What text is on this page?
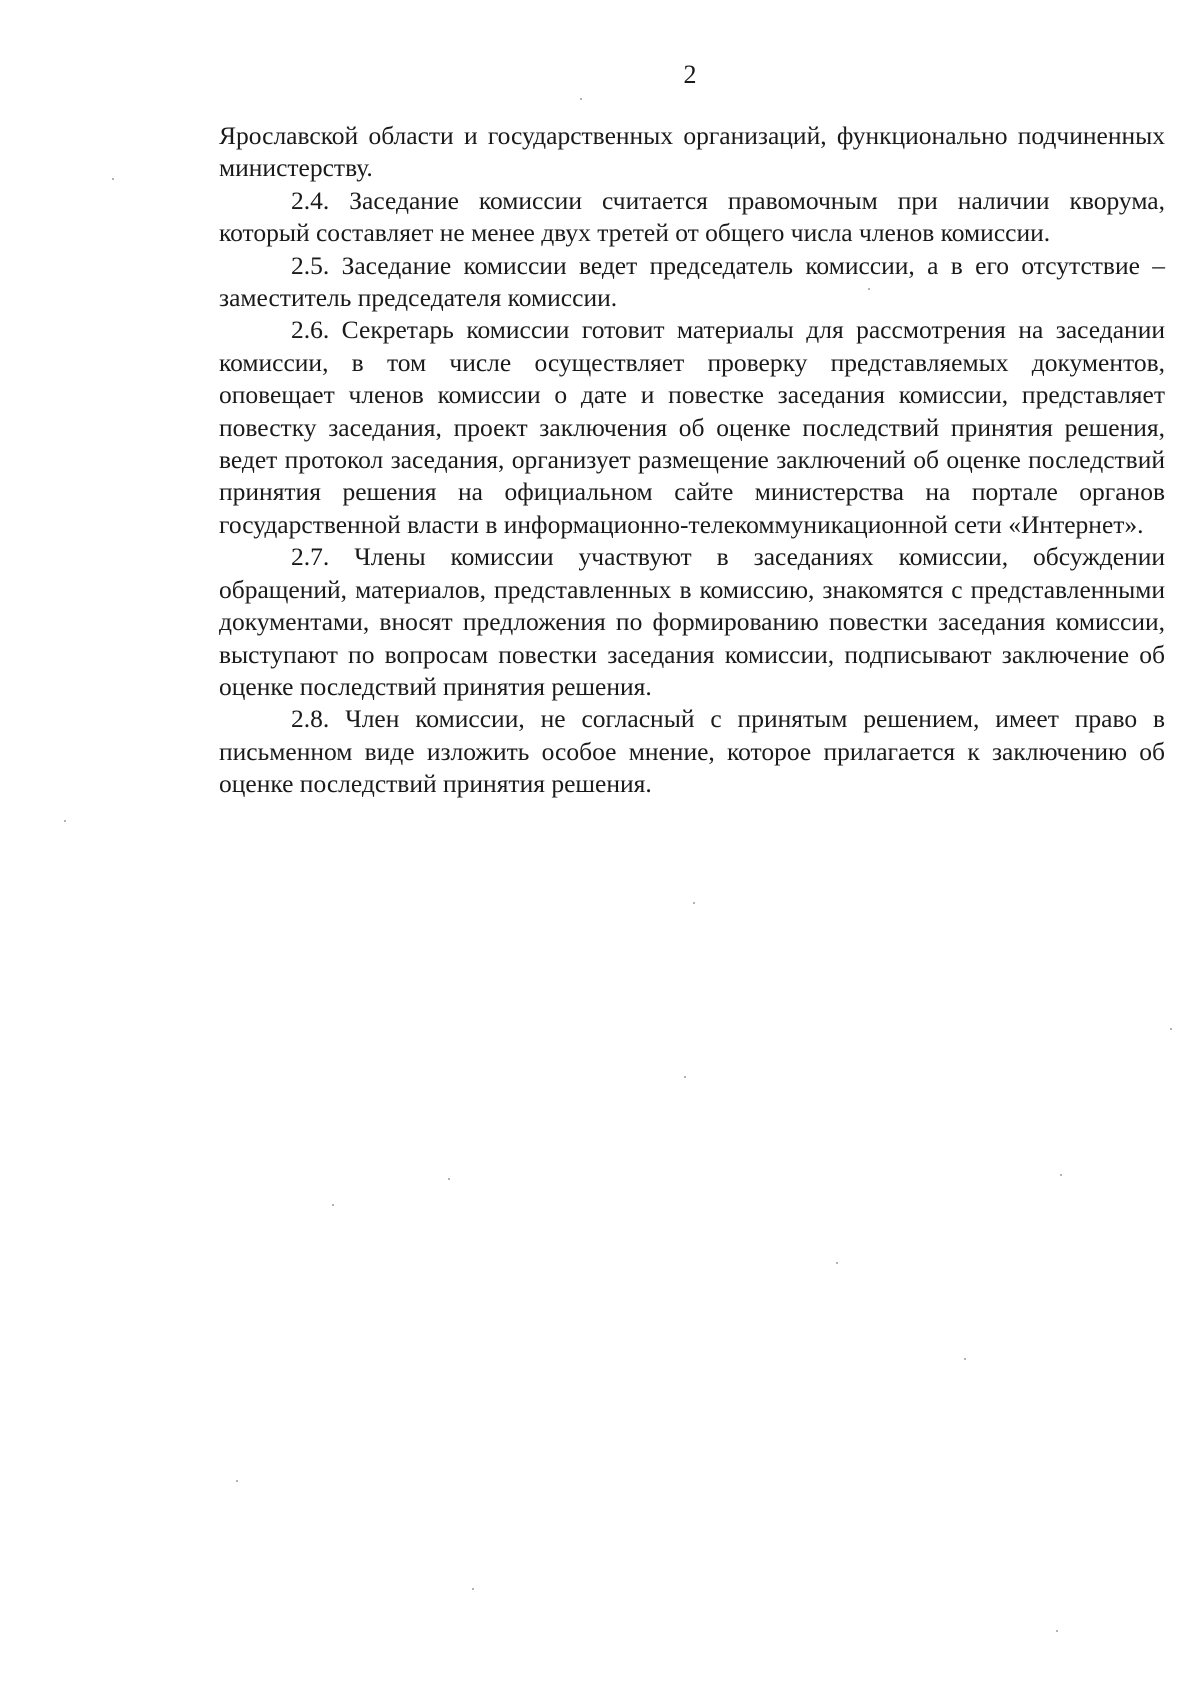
2

Ярославской области и государственных организаций, функционально подчиненных министерству.

2.4. Заседание комиссии считается правомочным при наличии кворума, который составляет не менее двух третей от общего числа членов комиссии.

2.5. Заседание комиссии ведет председатель комиссии, а в его отсутствие – заместитель председателя комиссии.

2.6. Секретарь комиссии готовит материалы для рассмотрения на заседании комиссии, в том числе осуществляет проверку представляемых документов, оповещает членов комиссии о дате и повестке заседания комиссии, представляет повестку заседания, проект заключения об оценке последствий принятия решения, ведет протокол заседания, организует размещение заключений об оценке последствий принятия решения на официальном сайте министерства на портале органов государственной власти в информационно-телекоммуникационной сети «Интернет».

2.7. Члены комиссии участвуют в заседаниях комиссии, обсуждении обращений, материалов, представленных в комиссию, знакомятся с представленными документами, вносят предложения по формированию повестки заседания комиссии, выступают по вопросам повестки заседания комиссии, подписывают заключение об оценке последствий принятия решения.

2.8. Член комиссии, не согласный с принятым решением, имеет право в письменном виде изложить особое мнение, которое прилагается к заключению об оценке последствий принятия решения.
